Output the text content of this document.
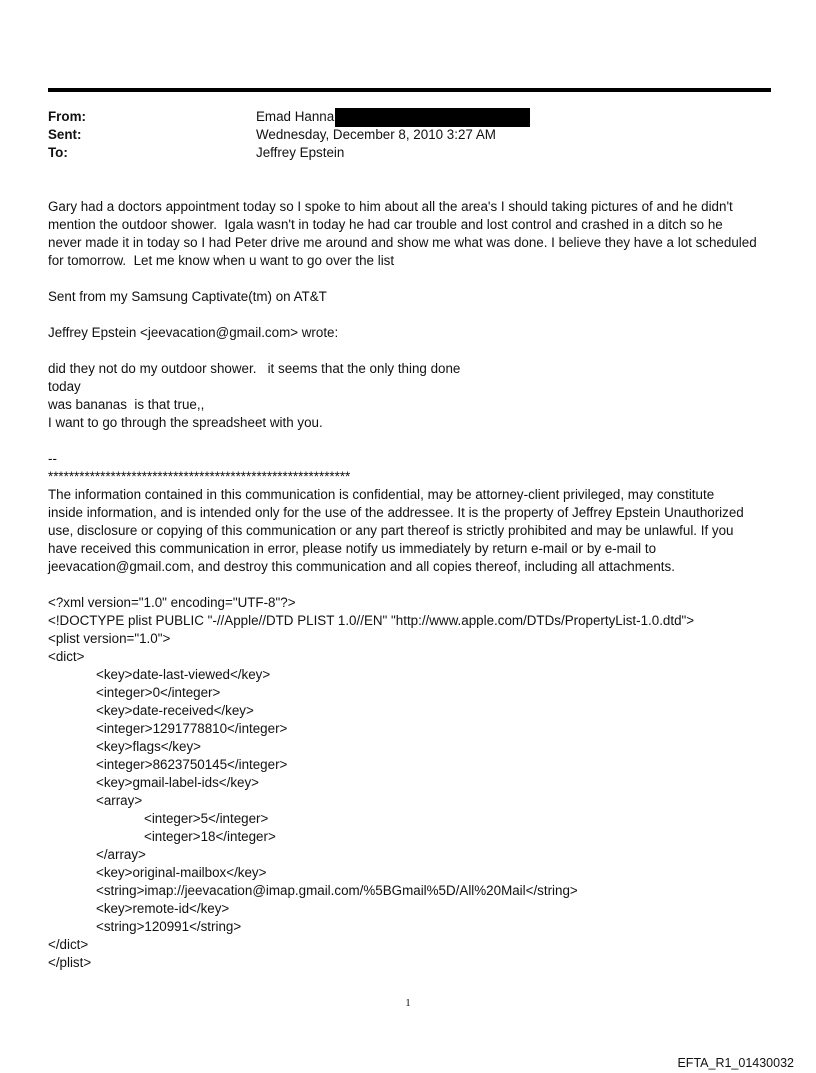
From:	Emad Hanna
Sent:	Wednesday, December 8, 2010 3:27 AM
To:	Jeffrey Epstein
Gary had a doctors appointment today so I spoke to him about all the area's I should taking pictures of and he didn't
mention the outdoor shower.  Igala wasn't in today he had car trouble and lost control and crashed in a ditch so he
never made it in today so I had Peter drive me around and show me what was done. I believe they have a lot scheduled
for tomorrow.  Let me know when u want to go over the list
Sent from my Samsung Captivate(tm) on AT&T
Jeffrey Epstein <jeevacation@gmail.com> wrote:
did they not do my outdoor shower.   it seems that the only thing done
today
was bananas  is that true,,
I want to go through the spreadsheet with you.
--
**********************************************************
The information contained in this communication is confidential, may be attorney-client privileged, may constitute
inside information, and is intended only for the use of the addressee. It is the property of Jeffrey Epstein Unauthorized
use, disclosure or copying of this communication or any part thereof is strictly prohibited and may be unlawful. If you
have received this communication in error, please notify us immediately by return e-mail or by e-mail to
jeevacation@gmail.com, and destroy this communication and all copies thereof, including all attachments.
<?xml version="1.0" encoding="UTF-8"?>
<!DOCTYPE plist PUBLIC "-//Apple//DTD PLIST 1.0//EN" "http://www.apple.com/DTDs/PropertyList-1.0.dtd">
<plist version="1.0">
<dict>
<key>date-last-viewed</key>
<integer>0</integer>
<key>date-received</key>
<integer>1291778810</integer>
<key>flags</key>
<integer>8623750145</integer>
<key>gmail-label-ids</key>
<array>
<integer>5</integer>
<integer>18</integer>
</array>
<key>original-mailbox</key>
<string>imap://jeevacation@imap.gmail.com/%5BGmail%5D/All%20Mail</string>
<key>remote-id</key>
<string>120991</string>
</dict>
</plist>
1
EFTA_R1_01430032
